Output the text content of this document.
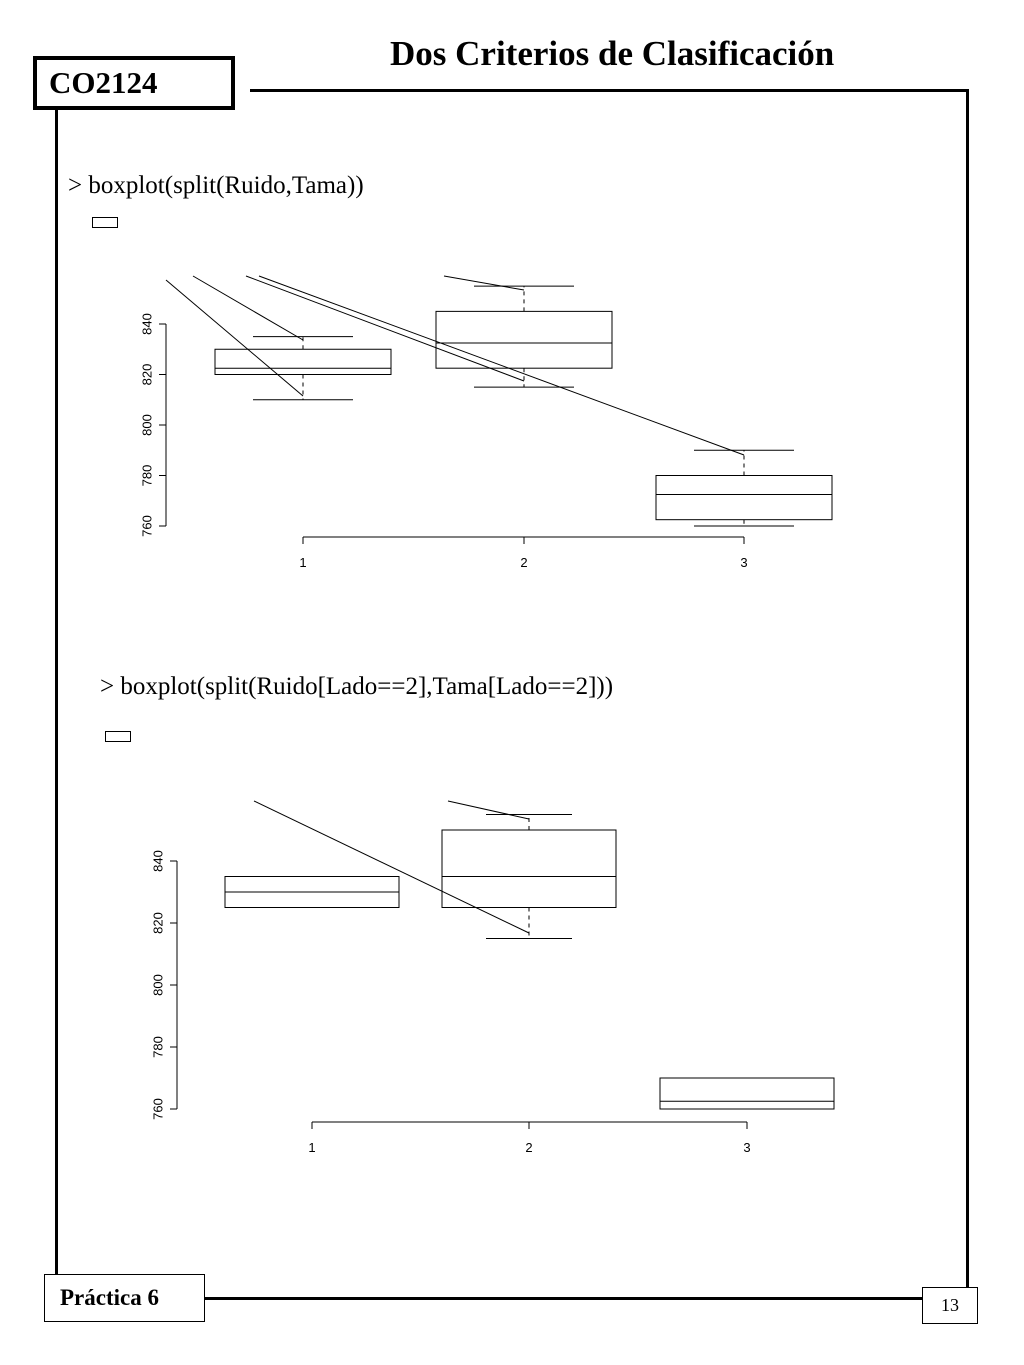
CO2124
Dos Criterios de Clasificación
> boxplot(split(Ruido,Tama))
> boxplot(split(Ruido[Lado==2],Tama[Lado==2]))
760
780
800
820
840
1	2	3
760
780
800
820
840
1	2	3
Práctica 6	13
